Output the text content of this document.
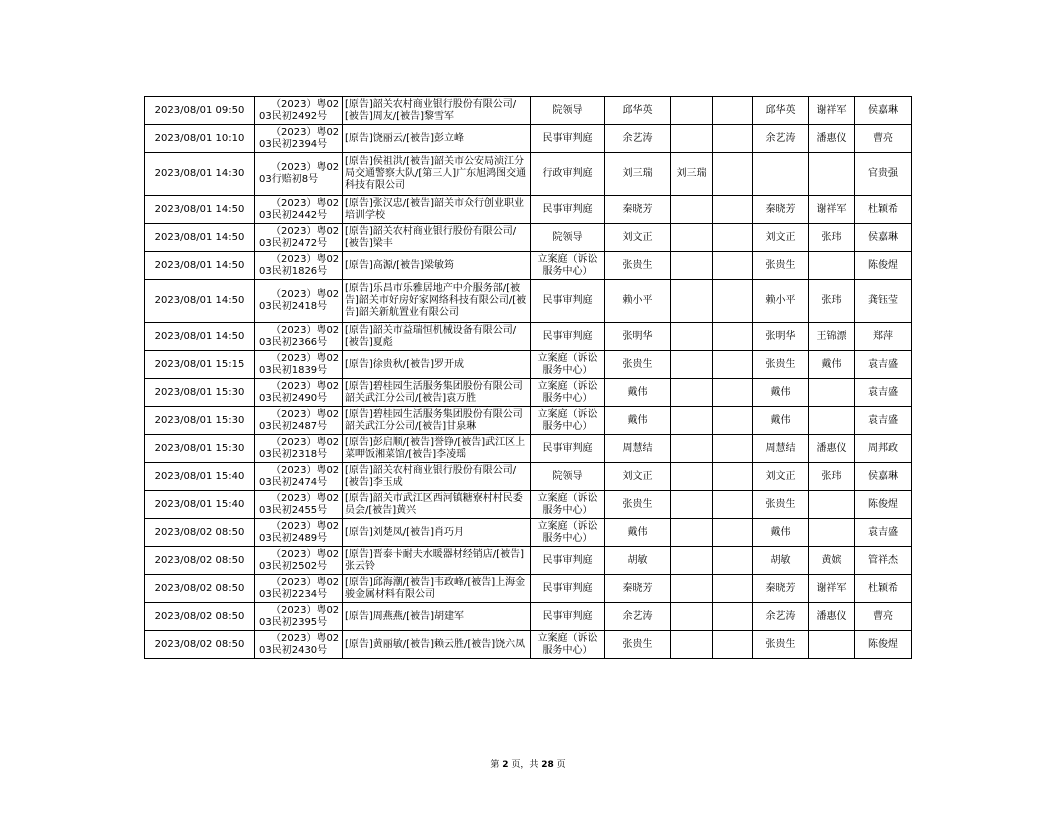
2023/08/01 09:50	（2023）粤0203民初2492号	[原告]韶关农村商业银行股份有限公司/[被告]周友/[被告]黎雪军	院领导	邱华英			邱华英	谢祥军	侯嘉琳

2023/08/01 10:10	（2023）粤0203民初2394号	[原告]饶丽云/[被告]彭立峰	民事审判庭	余艺涛			余艺涛	潘惠仪	曹亮

2023/08/01 14:30	（2023）粤0203行赔初8号	[原告]侯祖洪/[被告]韶关市公安局浈江分局交通警察大队/[第三人]广东旭鸿图交通科技有限公司	行政审判庭	刘三瑞	刘三瑞				官贵强

2023/08/01 14:50	（2023）粤0203民初2442号	[原告]张汉忠/[被告]韶关市众行创业职业培训学校	民事审判庭	秦晓芳			秦晓芳	谢祥军	杜颖希

2023/08/01 14:50	（2023）粤0203民初2472号	[原告]韶关农村商业银行股份有限公司/[被告]梁丰	院领导	刘文正			刘文正	张玮	侯嘉琳

2023/08/01 14:50	（2023）粤0203民初1826号	[原告]高源/[被告]梁敏筠	立案庭（诉讼服务中心）	张贵生			张贵生		陈俊煋

2023/08/01 14:50	（2023）粤0203民初2418号	[原告]乐昌市乐雅居地产中介服务部/[被告]韶关市好房好家网络科技有限公司/[被告]韶关新航置业有限公司	民事审判庭	赖小平			赖小平	张玮	龚钰莹

2023/08/01 14:50	（2023）粤0203民初2366号	[原告]韶关市益瑞恒机械设备有限公司/[被告]夏彪	民事审判庭	张明华			张明华	王锦漂	郑萍

2023/08/01 15:15	（2023）粤0203民初1839号	[原告]徐贵秋/[被告]罗开成	立案庭（诉讼服务中心）	张贵生			张贵生	戴伟	袁吉盛

2023/08/01 15:30	（2023）粤0203民初2490号	[原告]碧桂园生活服务集团股份有限公司韶关武江分公司/[被告]袁万胜	立案庭（诉讼服务中心）	戴伟			戴伟		袁吉盛

2023/08/01 15:30	（2023）粤0203民初2487号	[原告]碧桂园生活服务集团股份有限公司韶关武江分公司/[被告]甘泉琳	立案庭（诉讼服务中心）	戴伟			戴伟		袁吉盛

2023/08/01 15:30	（2023）粤0203民初2318号	[原告]彭启顺/[被告]誉铮/[被告]武江区上菜呷饭湘菜馆/[被告]李凌瑶	民事审判庭	周慧结			周慧结	潘惠仪	周邦政

2023/08/01 15:40	（2023）粤0203民初2474号	[原告]韶关农村商业银行股份有限公司/[被告]李玉成	院领导	刘文正			刘文正	张玮	侯嘉琳

2023/08/01 15:40	（2023）粤0203民初2455号	[原告]韶关市武江区西河镇糖寮村村民委员会/[被告]黄兴	立案庭（诉讼服务中心）	张贵生			张贵生		陈俊煋

2023/08/02 08:50	（2023）粤0203民初2489号	[原告]刘楚凤/[被告]肖巧月	立案庭（诉讼服务中心）	戴伟			戴伟		袁吉盛

2023/08/02 08:50	（2023）粤0203民初2502号	[原告]晋泰卡耐夫水暖器材经销店/[被告]张云铃	民事审判庭	胡敏			胡敏	黄嫔	管祥杰

2023/08/02 08:50	（2023）粤0203民初2234号	[原告]邱海潮/[被告]韦政峰/[被告]上海金骏金属材料有限公司	民事审判庭	秦晓芳			秦晓芳	谢祥军	杜颖希

2023/08/02 08:50	（2023）粤0203民初2395号	[原告]周燕燕/[被告]胡建军	民事审判庭	余艺涛			余艺涛	潘惠仪	曹亮

2023/08/02 08:50	（2023）粤0203民初2430号	[原告]黄丽敏/[被告]赖云胜/[被告]饶六凤	立案庭（诉讼服务中心）	张贵生			张贵生		陈俊煋
第 2 页，共 28 页
